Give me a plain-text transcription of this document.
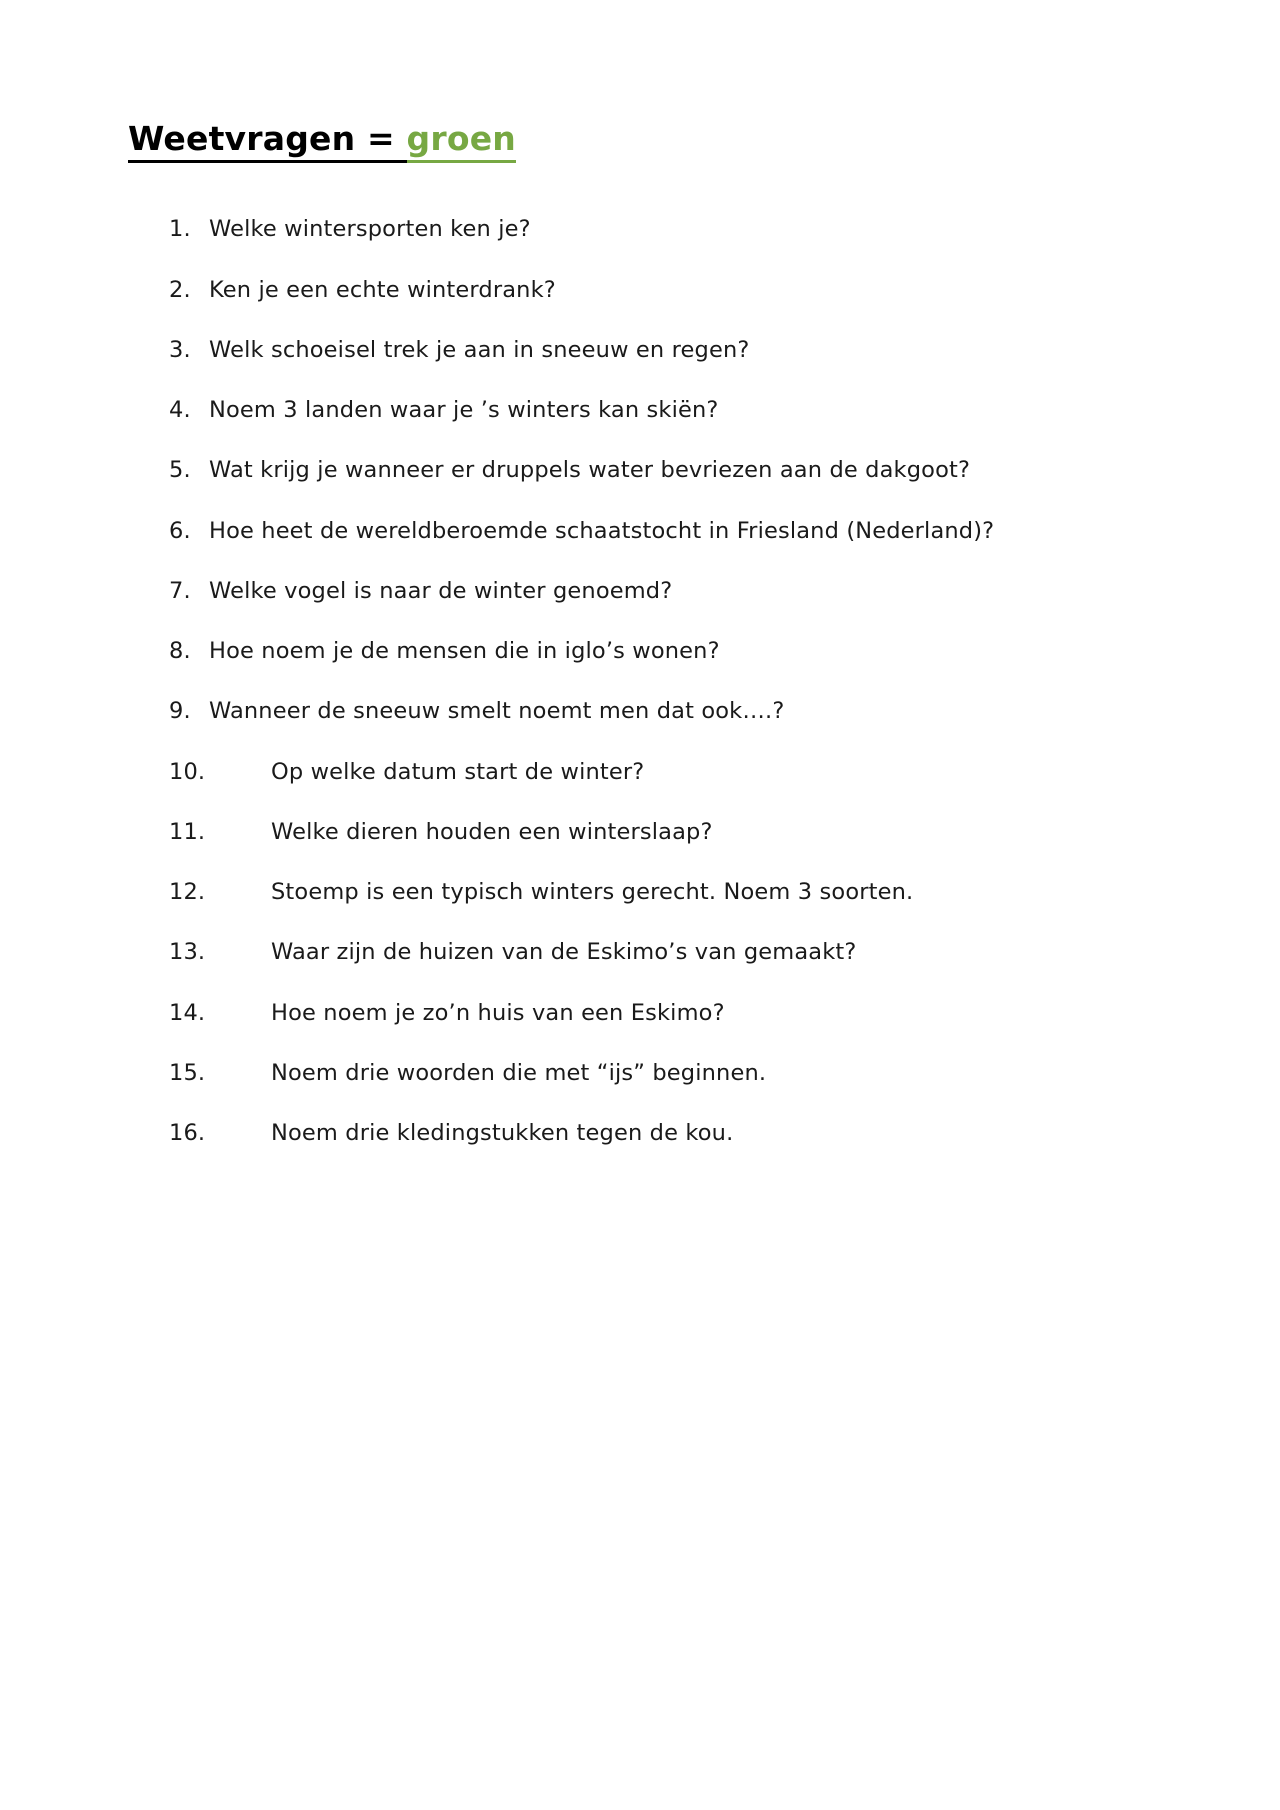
Weetvragen = groen
1. Welke wintersporten ken je?
2. Ken je een echte winterdrank?
3. Welk schoeisel trek je aan in sneeuw en regen?
4. Noem 3 landen waar je ’s winters kan skiën?
5. Wat krijg je wanneer er druppels water bevriezen aan de dakgoot?
6. Hoe heet de wereldberoemde schaatstocht in Friesland (Nederland)?
7. Welke vogel is naar de winter genoemd?
8. Hoe noem je de mensen die in iglo’s wonen?
9. Wanneer de sneeuw smelt noemt men dat ook….?
10.	Op welke datum start de winter?
11.	Welke dieren houden een winterslaap?
12.	Stoemp is een typisch winters gerecht. Noem 3 soorten.
13.	Waar zijn de huizen van de Eskimo’s van gemaakt?
14.	Hoe noem je zo’n huis van een Eskimo?
15.	Noem drie woorden die met “ijs” beginnen.
16.	Noem drie kledingstukken tegen de kou.
